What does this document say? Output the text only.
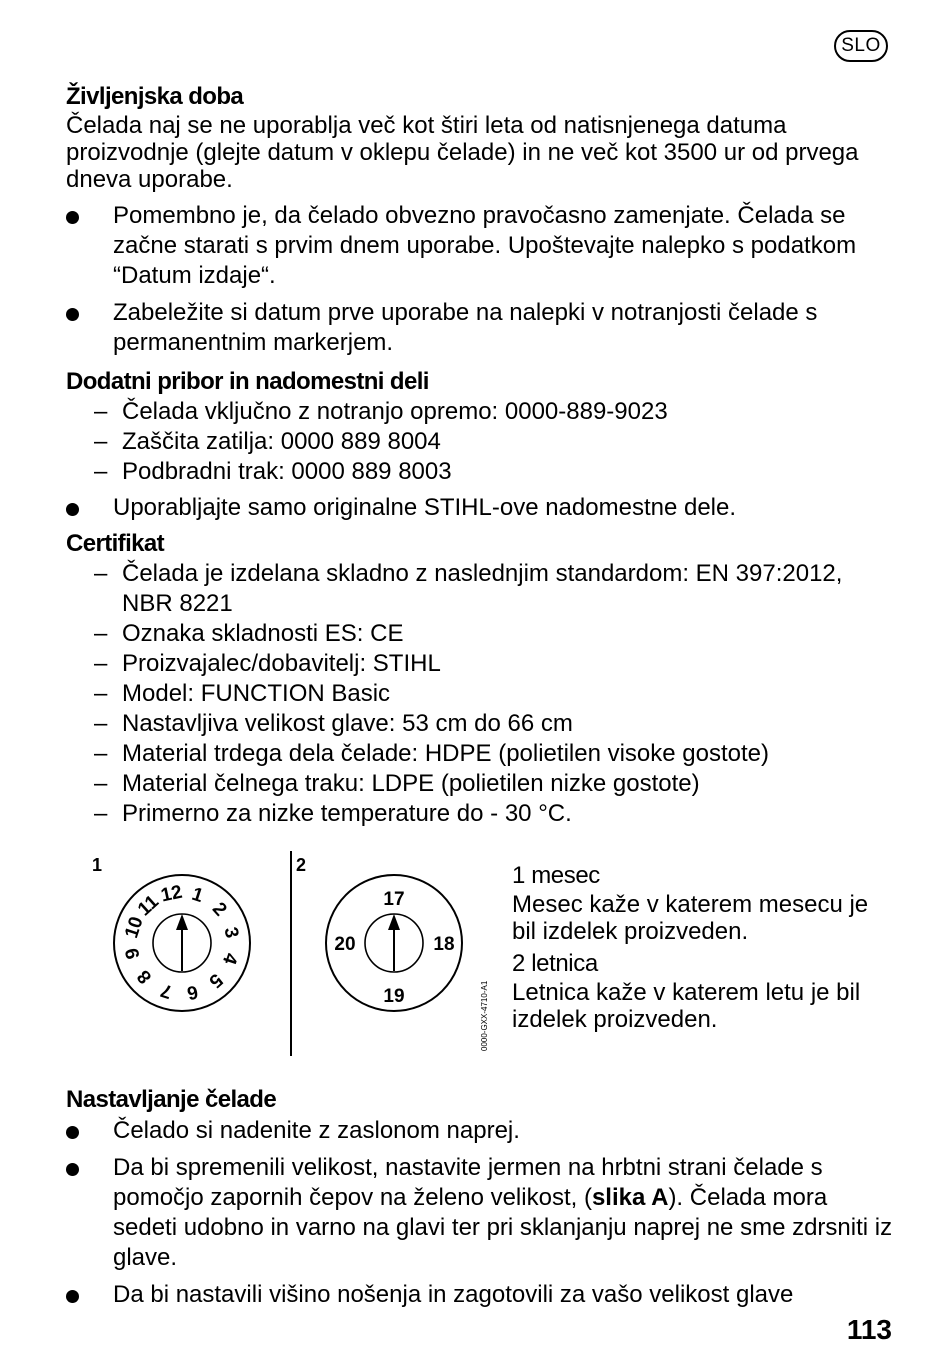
SLO
Življenjska doba

Čelada naj se ne uporablja več kot štiri leta od natisnjenega datuma proizvodnje (glejte datum v oklepu čelade) in ne več kot 3500 ur od prvega dneva uporabe.

Pomembno je, da čelado obvezno pravočasno zamenjate. Čelada se začne starati s prvim dnem uporabe. Upoštevajte nalepko s podatkom “Datum izdaje“.

Zabeležite si datum prve uporabe na nalepki v notranjosti čelade s permanentnim markerjem.

Dodatni pribor in nadomestni deli

– Čelada vključno z notranjo opremo: 0000-889-9023

– Zaščita zatilja: 0000 889 8004

– Podbradni trak: 0000 889 8003

Uporabljajte samo originalne STIHL-ove nadomestne dele.

Certifikat

– Čelada je izdelana skladno z naslednjim standardom: EN 397:2012, NBR 8221

– Oznaka skladnosti ES: CE

– Proizvajalec/dobavitelj: STIHL

– Model: FUNCTION Basic

– Nastavljiva velikost glave: 53 cm do 66 cm

– Material trdega dela čelade: HDPE (polietilen visoke gostote)

– Material čelnega traku: LDPE (polietilen nizke gostote)

– Primerno za nizke temperature do - 30 °C.

1	2
1
2
3
4
5
6
7
8
9
10
11
12	17
18
19
20
0000-GXX-4710-A1

1 mesec

Mesec kaže v katerem mesecu je bil izdelek proizveden.

2 letnica

Letnica kaže v katerem letu je bil izdelek proizveden.

Nastavljanje čelade

Čelado si nadenite z zaslonom naprej.

Da bi spremenili velikost, nastavite jermen na hrbtni strani čelade s pomočjo zapornih čepov na želeno velikost, (slika A). Čelada mora sedeti udobno in varno na glavi ter pri sklanjanju naprej ne sme zdrsniti iz glave.

Da bi nastavili višino nošenja in zagotovili za vašo velikost glave

113
